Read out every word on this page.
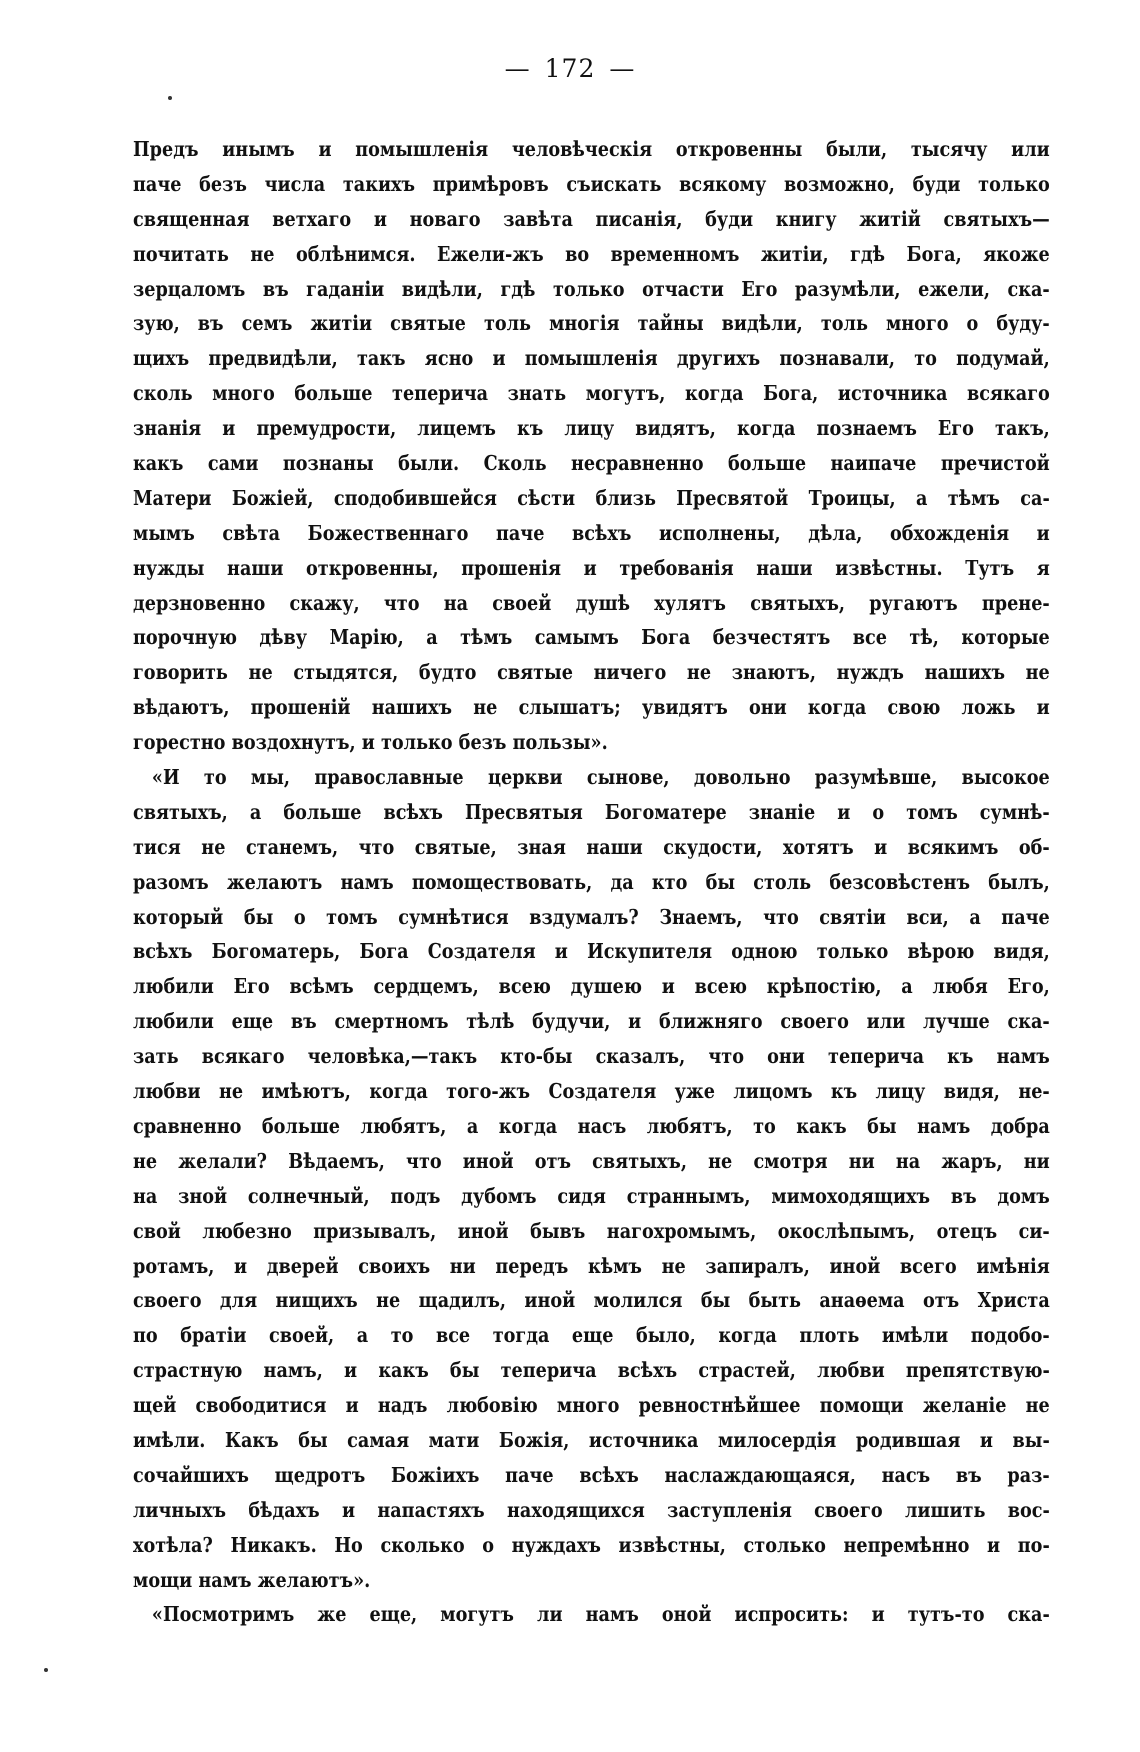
— 172 —
Предъ инымъ и помышленія человѣческія откровенны были, тысячу или
паче безъ числа такихъ примѣровъ съискать всякому возможно, буди только
священная ветхаго и новаго завѣта писанія, буди книгу житій святыхъ—
почитать не облѣнимся. Ежели-жъ во временномъ житіи, гдѣ Бога, якоже
зерцаломъ въ гаданіи видѣли, гдѣ только отчасти Его разумѣли, ежели, ска-
зую, въ семъ житіи святые толь многія тайны видѣли, толь много о буду-
щихъ предвидѣли, такъ ясно и помышленія другихъ познавали, то подумай,
сколь много больше теперича знать могутъ, когда Бога, источника всякаго
знанія и премудрости, лицемъ къ лицу видятъ, когда познаемъ Его такъ,
какъ сами познаны были. Сколь несравненно больше наипаче пречистой
Матери Божіей, сподобившейся сѣсти близь Пресвятой Троицы, а тѣмъ са-
мымъ свѣта Божественнаго паче всѣхъ исполнены, дѣла, обхожденія и
нужды наши откровенны, прошенія и требованія наши извѣстны. Тутъ я
дерзновенно скажу, что на своей душѣ хулятъ святыхъ, ругаютъ прене-
порочную дѣву Марію, а тѣмъ самымъ Бога безчестятъ все тѣ, которые
говорить не стыдятся, будто святые ничего не знаютъ, нуждъ нашихъ не
вѣдаютъ, прошеній нашихъ не слышатъ; увидятъ они когда свою ложь и
горестно воздохнутъ, и только безъ пользы».
«И то мы, православные церкви сынове, довольно разумѣвше, высокое
святыхъ, а больше всѣхъ Пресвятыя Богоматере знаніе и о томъ сумнѣ-
тися не станемъ, что святые, зная наши скудости, хотятъ и всякимъ об-
разомъ желаютъ намъ помоществовать, да кто бы столь безсовѣстенъ былъ,
который бы о томъ сумнѣтися вздумалъ? Знаемъ, что святіи вси, а паче
всѣхъ Богоматерь, Бога Создателя и Искупителя одною только вѣрою видя,
любили Его всѣмъ сердцемъ, всею душею и всею крѣпостію, а любя Его,
любили еще въ смертномъ тѣлѣ будучи, и ближняго своего или лучше ска-
зать всякаго человѣка,—такъ кто-бы сказалъ, что они теперича къ намъ
любви не имѣютъ, когда того-жъ Создателя уже лицомъ къ лицу видя, не-
сравненно больше любятъ, а когда насъ любятъ, то какъ бы намъ добра
не желали? Вѣдаемъ, что иной отъ святыхъ, не смотря ни на жаръ, ни
на зной солнечный, подъ дубомъ сидя страннымъ, мимоходящихъ въ домъ
свой любезно призывалъ, иной бывъ нагохромымъ, окослѣпымъ, отецъ си-
ротамъ, и дверей своихъ ни передъ кѣмъ не запиралъ, иной всего имѣнія
своего для нищихъ не щадилъ, иной молился бы быть анаѳема отъ Христа
по братіи своей, а то все тогда еще было, когда плоть имѣли подобо-
страстную намъ, и какъ бы теперича всѣхъ страстей, любви препятствую-
щей свободитися и надъ любовію много ревностнѣйшее помощи желаніе не
имѣли. Какъ бы самая мати Божія, источника милосердія родившая и вы-
сочайшихъ щедротъ Божіихъ паче всѣхъ наслаждающаяся, насъ въ раз-
личныхъ бѣдахъ и напастяхъ находящихся заступленія своего лишить вос-
хотѣла? Никакъ. Но сколько о нуждахъ извѣстны, столько непремѣнно и по-
мощи намъ желаютъ».
«Посмотримъ же еще, могутъ ли намъ оной испросить: и тутъ-то ска-
